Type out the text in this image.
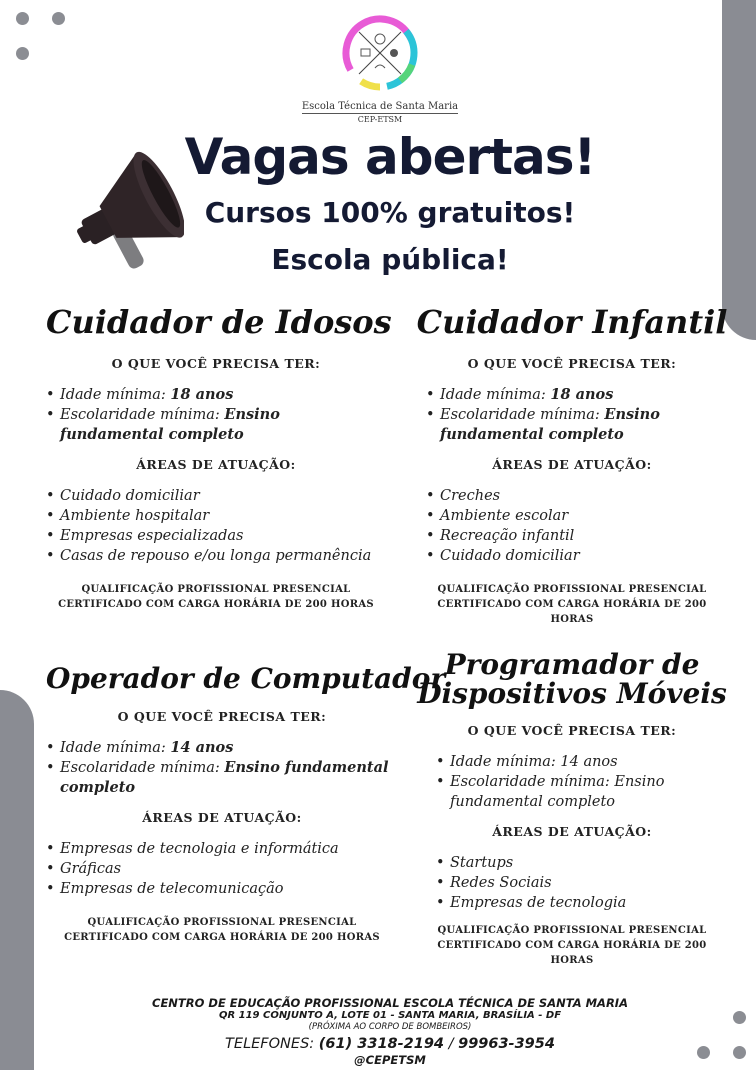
Escola Técnica de Santa Maria
CEP-ETSM
Vagas abertas!
Cursos 100% gratuitos!
Escola pública!
Cuidador de Idosos
O QUE VOCÊ PRECISA TER:
• Idade mínima: 18 anos
• Escolaridade mínima: Ensino fundamental completo
ÁREAS DE ATUAÇÃO:
• Cuidado domiciliar
• Ambiente hospitalar
• Empresas especializadas
• Casas de repouso e/ou longa permanência
QUALIFICAÇÃO PROFISSIONAL PRESENCIAL
CERTIFICADO COM CARGA HORÁRIA DE 200 HORAS
Cuidador Infantil
O QUE VOCÊ PRECISA TER:
• Idade mínima: 18 anos
• Escolaridade mínima: Ensino fundamental completo
ÁREAS DE ATUAÇÃO:
• Creches
• Ambiente escolar
• Recreação infantil
• Cuidado domiciliar
QUALIFICAÇÃO PROFISSIONAL PRESENCIAL
CERTIFICADO COM CARGA HORÁRIA DE 200 HORAS
Operador de Computador
O QUE VOCÊ PRECISA TER:
• Idade mínima: 14 anos
• Escolaridade mínima: Ensino fundamental completo
ÁREAS DE ATUAÇÃO:
• Empresas de tecnologia e informática
• Gráficas
• Empresas de telecomunicação
QUALIFICAÇÃO PROFISSIONAL PRESENCIAL
CERTIFICADO COM CARGA HORÁRIA DE 200 HORAS
Programador de
Dispositivos Móveis
O QUE VOCÊ PRECISA TER:
• Idade mínima: 14 anos
• Escolaridade mínima: Ensino fundamental completo
ÁREAS DE ATUAÇÃO:
• Startups
• Redes Sociais
• Empresas de tecnologia
QUALIFICAÇÃO PROFISSIONAL PRESENCIAL
CERTIFICADO COM CARGA HORÁRIA DE 200 HORAS
CENTRO DE EDUCAÇÃO PROFISSIONAL ESCOLA TÉCNICA DE SANTA MARIA
QR 119 CONJUNTO A, LOTE 01 - SANTA MARIA, BRASÍLIA - DF
(PRÓXIMA AO CORPO DE BOMBEIROS)
TELEFONES: (61) 3318-2194 / 99963-3954
@CEPETSM
